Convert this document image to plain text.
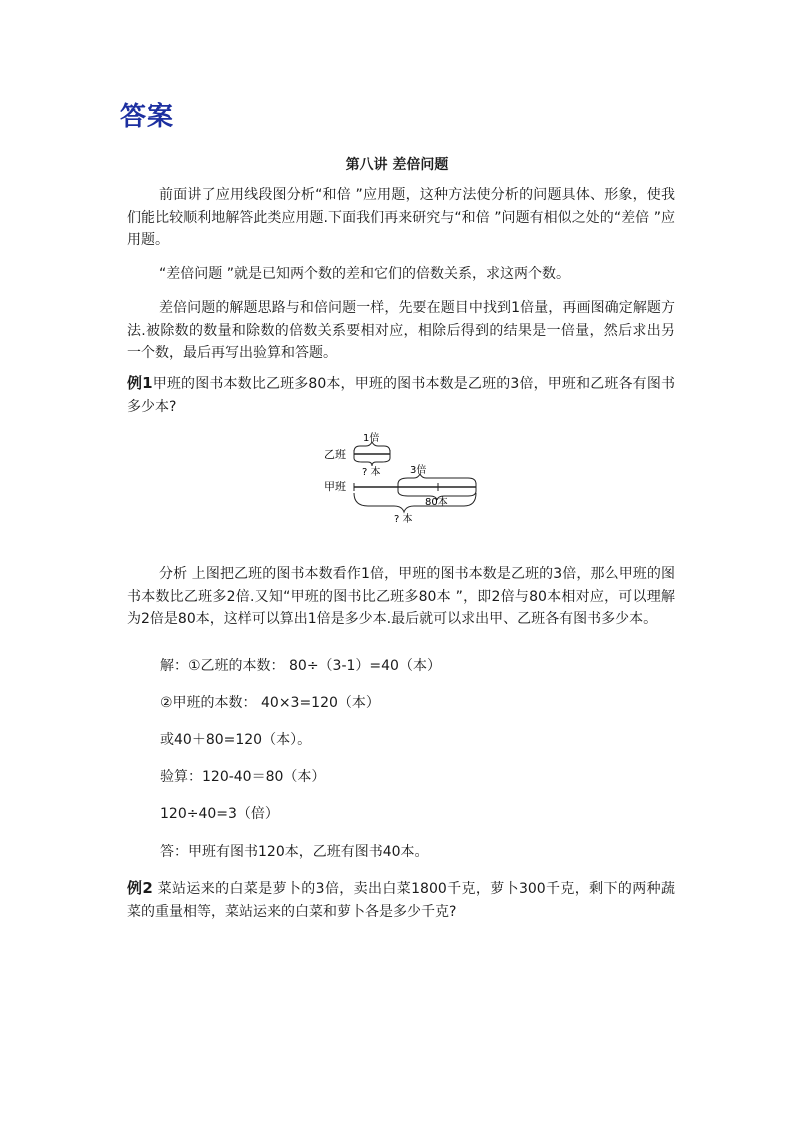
答案
第八讲 差倍问题
前面讲了应用线段图分析“和倍 ”应用题，这种方法使分析的问题具体、形象，使我们能比较顺利地解答此类应用题.下面我们再来研究与“和倍 ”问题有相似之处的“差倍 ”应用题。
“差倍问题 ”就是已知两个数的差和它们的倍数关系，求这两个数。
差倍问题的解题思路与和倍问题一样，先要在题目中找到1倍量，再画图确定解题方法.被除数的数量和除数的倍数关系要相对应，相除后得到的结果是一倍量，然后求出另一个数，最后再写出验算和答题。
例1甲班的图书本数比乙班多80本，甲班的图书本数是乙班的3倍，甲班和乙班各有图书多少本?
乙班
甲班
1倍
? 本	3倍
80本
? 本
分析 上图把乙班的图书本数看作1倍，甲班的图书本数是乙班的3倍，那么甲班的图书本数比乙班多2倍.又知“甲班的图书比乙班多80本 ”，即2倍与80本相对应，可以理解为2倍是80本，这样可以算出1倍是多少本.最后就可以求出甲、乙班各有图书多少本。
解：①乙班的本数： 80÷（3-1）=40（本）
②甲班的本数： 40×3=120（本）
或40＋80=120（本）。
验算：120-40＝80（本）
120÷40=3（倍）
答：甲班有图书120本，乙班有图书40本。
例2 菜站运来的白菜是萝卜的3倍，卖出白菜1800千克，萝卜300千克，剩下的两种蔬菜的重量相等，菜站运来的白菜和萝卜各是多少千克?
